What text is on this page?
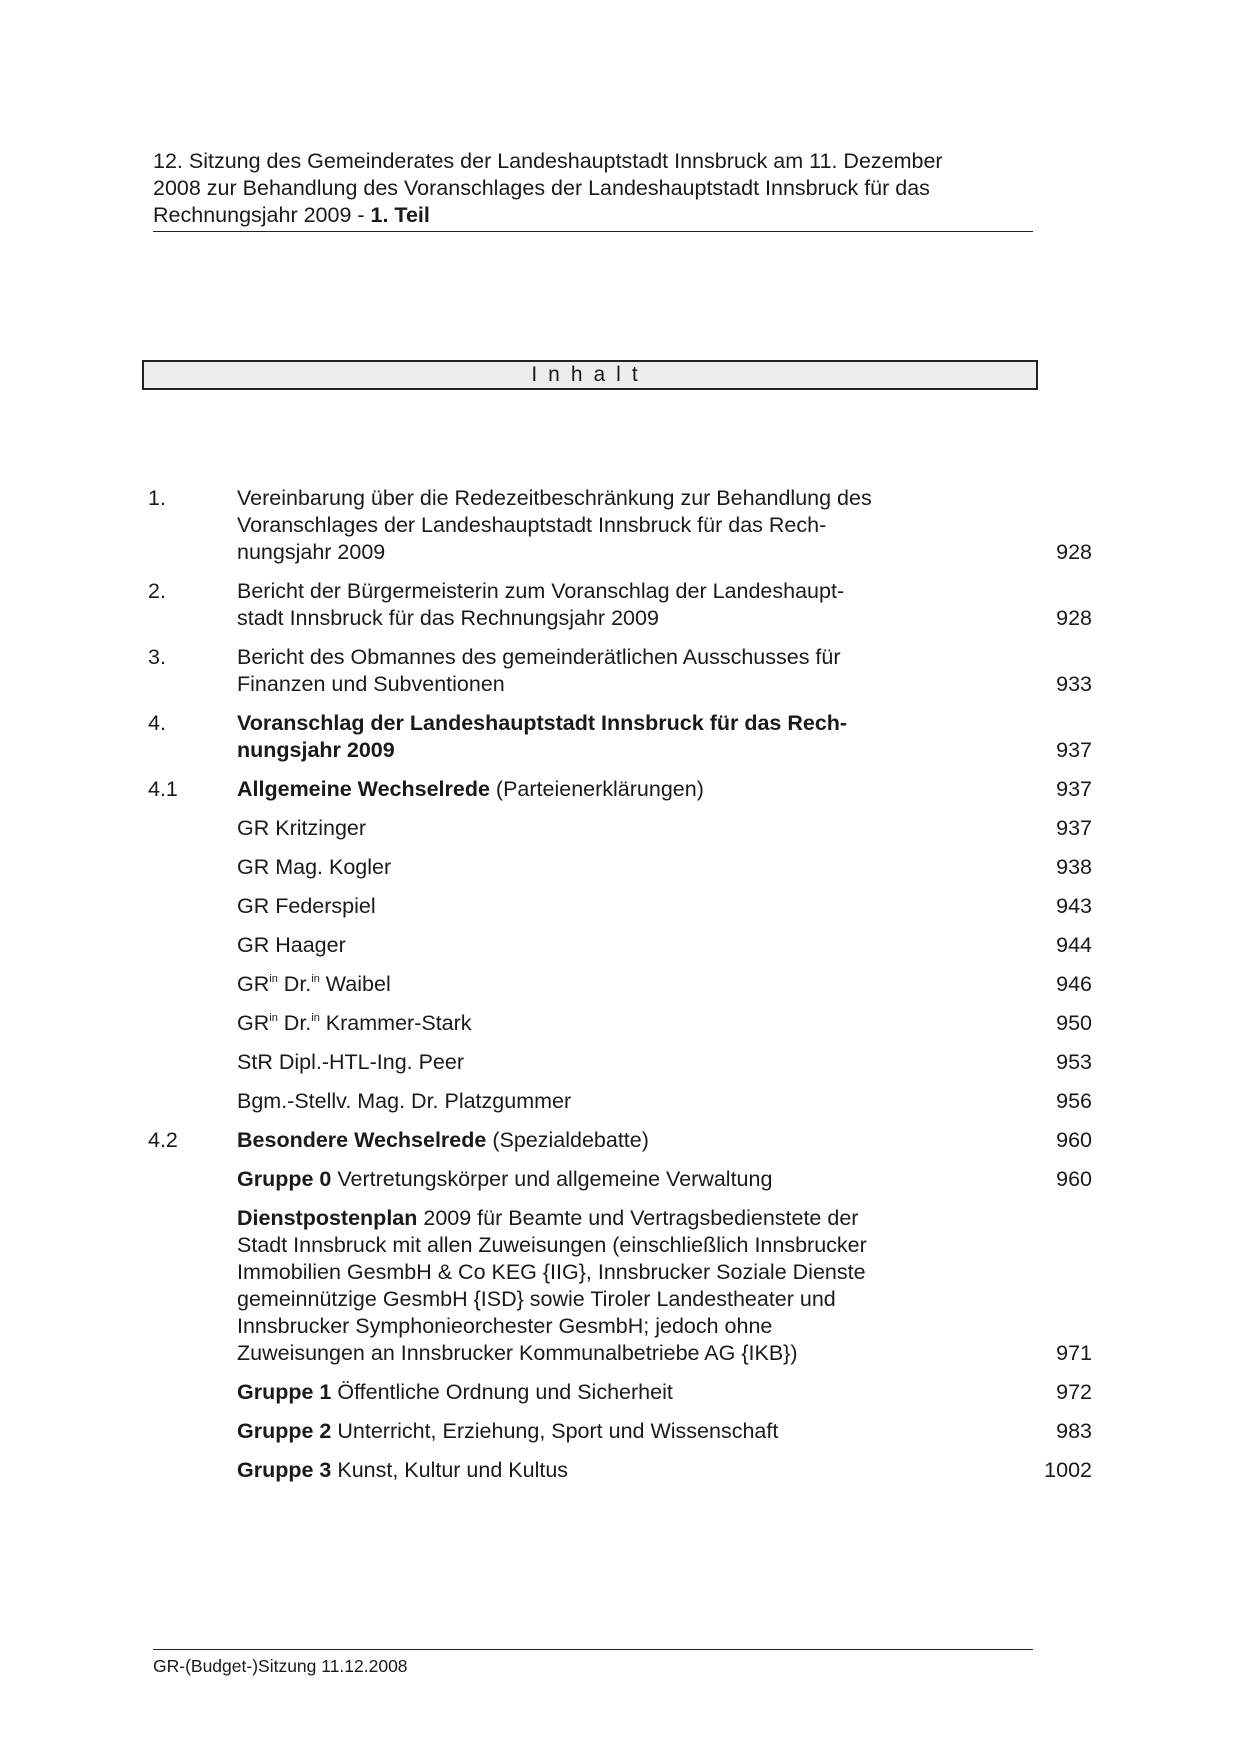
12. Sitzung des Gemeinderates der Landeshauptstadt Innsbruck am 11. Dezember
2008 zur Behandlung des Voranschlages der Landeshauptstadt Innsbruck für das
Rechnungsjahr 2009 - 1. Teil
Inhalt
1.	Vereinbarung über die Redezeitbeschränkung zur Behandlung des
Voranschlages der Landeshauptstadt Innsbruck für das Rech-
nungsjahr 2009	928
2.	Bericht der Bürgermeisterin zum Voranschlag der Landeshaupt-
stadt Innsbruck für das Rechnungsjahr 2009	928
3.	Bericht des Obmannes des gemeinderätlichen Ausschusses für
Finanzen und Subventionen	933
4.	Voranschlag der Landeshauptstadt Innsbruck für das Rech-
nungsjahr 2009	937
4.1	Allgemeine Wechselrede (Parteienerklärungen)	937
GR Kritzinger	937
GR Mag. Kogler	938
GR Federspiel	943
GR Haager	944
$GR^{in}$ Dr.$^{in}$ Waibel	946
$GR^{in}$ Dr.$^{in}$ Krammer-Stark	950
StR Dipl.-HTL-Ing. Peer	953
Bgm.-Stellv. Mag. Dr. Platzgummer	956
4.2	Besondere Wechselrede (Spezialdebatte)	960
Gruppe 0 Vertretungskörper und allgemeine Verwaltung	960
Dienstpostenplan 2009 für Beamte und Vertragsbedienstete der
Stadt Innsbruck mit allen Zuweisungen (einschließlich Innsbrucker
Immobilien GesmbH & Co KEG {IIG}, Innsbrucker Soziale Dienste
gemeinnützige GesmbH {ISD} sowie Tiroler Landestheater und
Innsbrucker Symphonieorchester GesmbH; jedoch ohne
Zuweisungen an Innsbrucker Kommunalbetriebe AG {IKB})	971
Gruppe 1 Öffentliche Ordnung und Sicherheit	972
Gruppe 2 Unterricht, Erziehung, Sport und Wissenschaft	983
Gruppe 3 Kunst, Kultur und Kultus	1002
GR-(Budget-)Sitzung 11.12.2008
